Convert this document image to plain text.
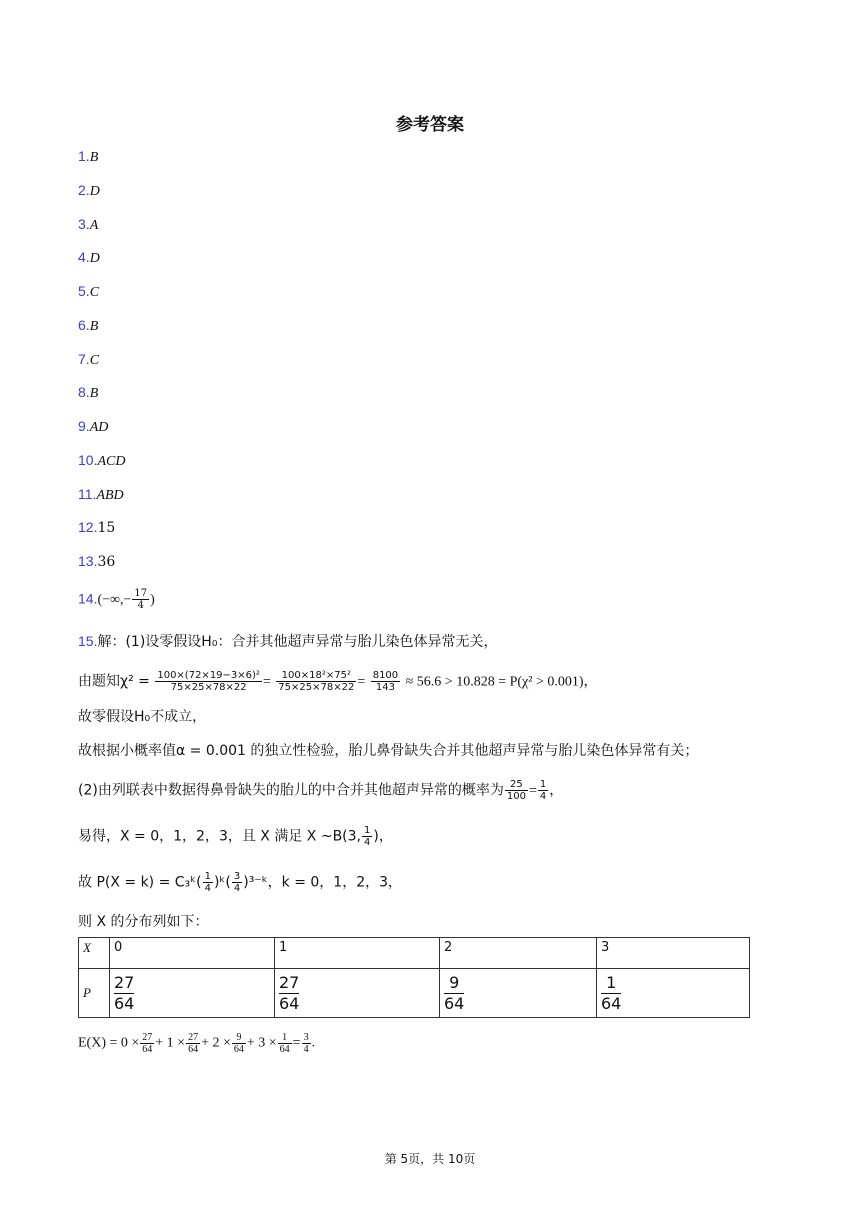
参考答案
1.B
2.D
3.A
4.D
5.C
6.B
7.C
8.B
9.AD
10.ACD
11.ABD
12.15
13.36
$14.(-\infty,- \frac{17}{4}$ )
15.解：(1)设零假设H₀：合并其他超声异常与胎儿染色体异常无关，
由题知$\chi^2 = \frac{\text{100×(72×19−3×6)²}}{75\times 25\times 78\times 22} = \frac{\text{100×18²×75²}}{75\times 25\times 78\times 22} = \frac{8100}{143} \approx 56.6 > 10.828 = P(\chi^2 > 0.001)$，
故零假设H₀不成立，
故根据小概率值α = 0.001 的独立性检验，胎儿鼻骨缺失合并其他超声异常与胎儿染色体异常有关；
(2)由列联表中数据得鼻骨缺失的胎儿的中合并其他超声异常的概率为 $\frac{25}{100} = \frac{1}{4}$ ，
易得，X = 0，1，2，3，且 X 满足 X ~B(3, $\frac{1}{4}$ )，
故 P(X = k) = C₃ᵏ( $\frac{1}{4}$ )ᵏ( $\frac{3}{4}$ )³⁻ᵏ，k = 0，1，2，3，
则 X 的分布列如下：
X	0	1	2	3
P	$\frac{27}{64}$	$\frac{27}{64}$	$\frac{9}{64}$	$\frac{1}{64}$
$E(X) = 0 \times \frac{27}{64} + 1 \times \frac{27}{64} + 2 \times \frac{9}{64} + 3 \times \frac{1}{64} = \frac{3}{4}$ .
第 5页，共 10页
